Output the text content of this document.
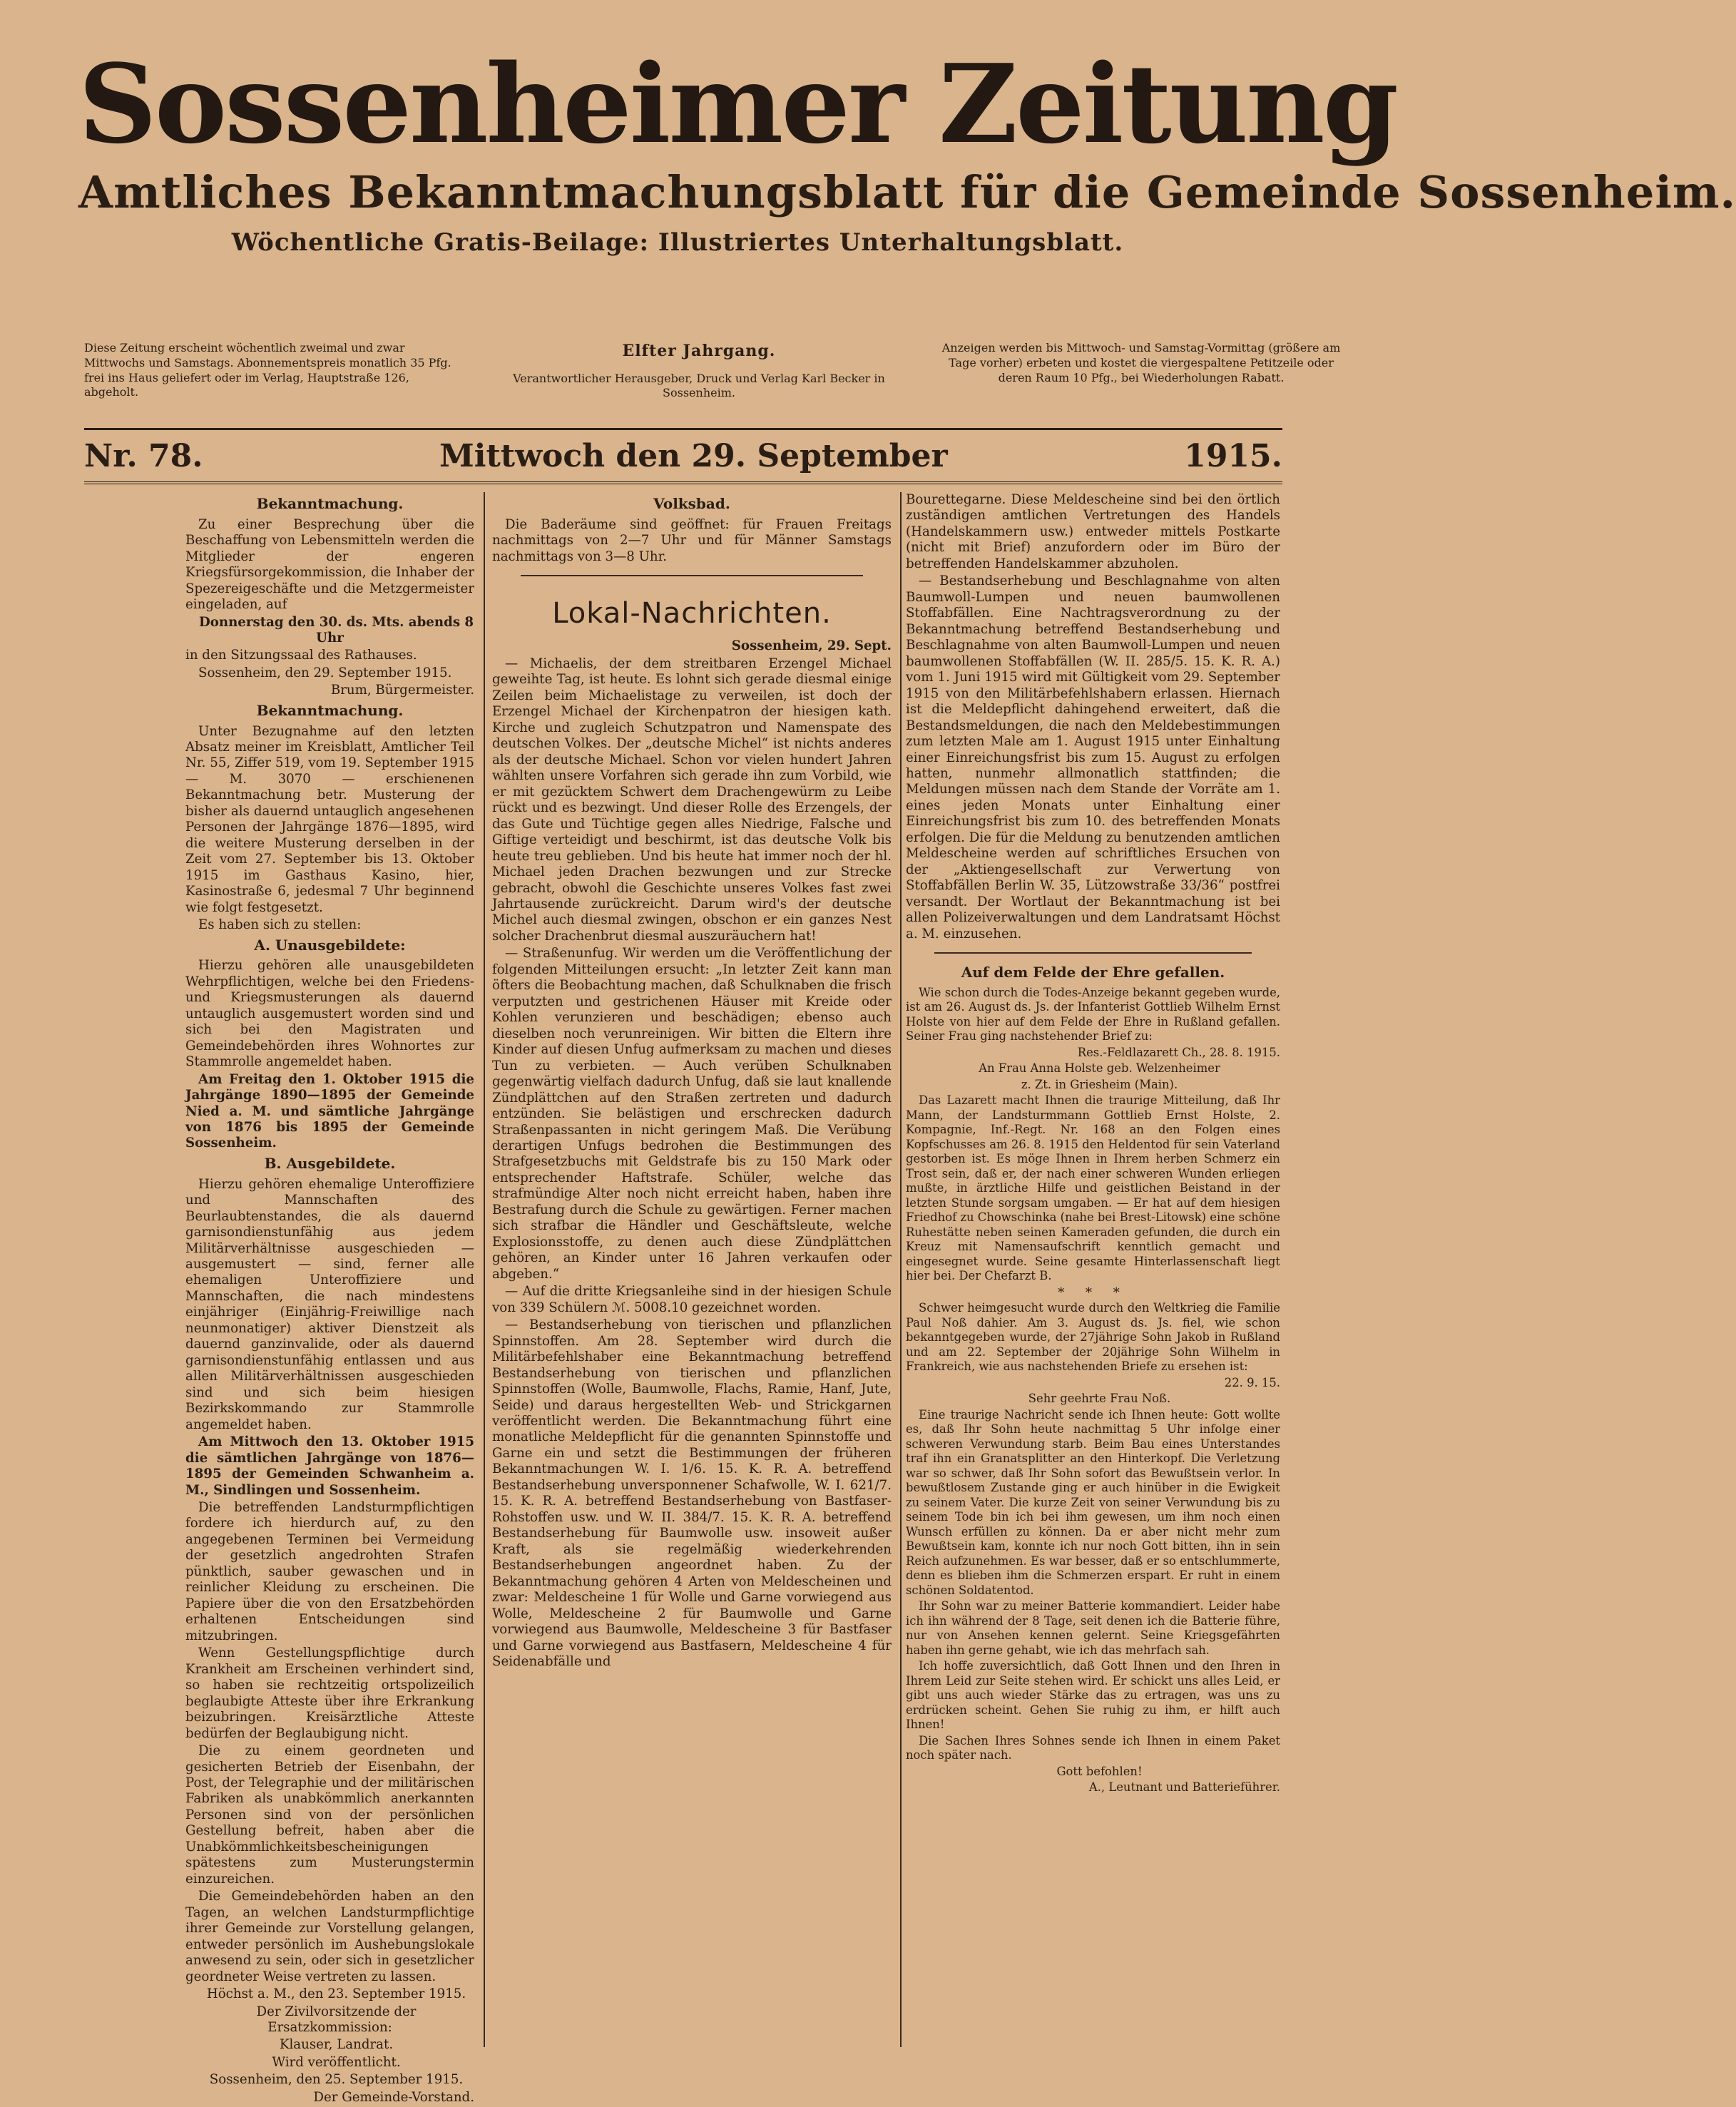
Sossenheimer Zeitung
Amtliches Bekanntmachungsblatt für die Gemeinde Sossenheim.
Wöchentliche Gratis-Beilage: Illustriertes Unterhaltungsblatt.
Diese Zeitung erscheint wöchentlich zweimal und zwar Mittwochs und Samstags. Abonnementspreis monatlich 35 Pfg. frei ins Haus geliefert oder im Verlag, Hauptstraße 126, abgeholt.
Elfter Jahrgang.
Verantwortlicher Herausgeber, Druck und Verlag Karl Becker in Sossenheim.
Anzeigen werden bis Mittwoch- und Samstag-Vormittag (größere am Tage vorher) erbeten und kostet die viergespaltene Petitzeile oder deren Raum 10 Pfg., bei Wiederholungen Rabatt.
Nr. 78.	Mittwoch den 29. September	1915.
Bekanntmachung.

Zu einer Besprechung über die Beschaffung von Lebensmitteln werden die Mitglieder der engeren Kriegsfürsorgekommission, die Inhaber der Spezereigeschäfte und die Metzgermeister eingeladen, auf

Donnerstag den 30. ds. Mts. abends 8 Uhr

in den Sitzungssaal des Rathauses.

Sossenheim, den 29. September 1915.

Brum, Bürgermeister.

Bekanntmachung.

Unter Bezugnahme auf den letzten Absatz meiner im Kreisblatt, Amtlicher Teil Nr. 55, Ziffer 519, vom 19. September 1915 — M. 3070 — erschienenen Bekanntmachung betr. Musterung der bisher als dauernd untauglich angesehenen Personen der Jahrgänge 1876—1895, wird die weitere Musterung derselben in der Zeit vom 27. September bis 13. Oktober 1915 im Gasthaus Kasino, hier, Kasinostraße 6, jedesmal 7 Uhr beginnend wie folgt festgesetzt.

Es haben sich zu stellen:

A. Unausgebildete:

Hierzu gehören alle unausgebildeten Wehrpflichtigen, welche bei den Friedens- und Kriegsmusterungen als dauernd untauglich ausgemustert worden sind und sich bei den Magistraten und Gemeindebehörden ihres Wohnortes zur Stammrolle angemeldet haben.

Am Freitag den 1. Oktober 1915 die Jahrgänge 1890—1895 der Gemeinde Nied a. M. und sämtliche Jahrgänge von 1876 bis 1895 der Gemeinde Sossenheim.

B. Ausgebildete.

Hierzu gehören ehemalige Unteroffiziere und Mannschaften des Beurlaubtenstandes, die als dauernd garnisondienstunfähig aus jedem Militärverhältnisse ausgeschieden — ausgemustert — sind, ferner alle ehemaligen Unteroffiziere und Mannschaften, die nach mindestens einjähriger (Einjährig-Freiwillige nach neunmonatiger) aktiver Dienstzeit als dauernd ganzinvalide, oder als dauernd garnisondienstunfähig entlassen und aus allen Militärverhältnissen ausgeschieden sind und sich beim hiesigen Bezirkskommando zur Stammrolle angemeldet haben.

Am Mittwoch den 13. Oktober 1915 die sämtlichen Jahrgänge von 1876—1895 der Gemeinden Schwanheim a. M., Sindlingen und Sossenheim.

Die betreffenden Landsturmpflichtigen fordere ich hierdurch auf, zu den angegebenen Terminen bei Vermeidung der gesetzlich angedrohten Strafen pünktlich, sauber gewaschen und in reinlicher Kleidung zu erscheinen. Die Papiere über die von den Ersatzbehörden erhaltenen Entscheidungen sind mitzubringen.

Wenn Gestellungspflichtige durch Krankheit am Erscheinen verhindert sind, so haben sie rechtzeitig ortspolizeilich beglaubigte Atteste über ihre Erkrankung beizubringen. Kreisärztliche Atteste bedürfen der Beglaubigung nicht.

Die zu einem geordneten und gesicherten Betrieb der Eisenbahn, der Post, der Telegraphie und der militärischen Fabriken als unabkömmlich anerkannten Personen sind von der persönlichen Gestellung befreit, haben aber die Unabkömmlichkeitsbescheinigungen spätestens zum Musterungstermin einzureichen.

Die Gemeindebehörden haben an den Tagen, an welchen Landsturmpflichtige ihrer Gemeinde zur Vorstellung gelangen, entweder persönlich im Aushebungslokale anwesend zu sein, oder sich in gesetzlicher geordneter Weise vertreten zu lassen.

Höchst a. M., den 23. September 1915.

Der Zivilvorsitzende der Ersatzkommission:

Klauser, Landrat.

Wird veröffentlicht.

Sossenheim, den 25. September 1915.

Der Gemeinde-Vorstand.

Volksbad.

Die Baderäume sind geöffnet: für Frauen Freitags nachmittags von 2—7 Uhr und für Männer Samstags nachmittags von 3—8 Uhr.

Lokal-Nachrichten.

Sossenheim, 29. Sept.

— Michaelis, der dem streitbaren Erzengel Michael geweihte Tag, ist heute. Es lohnt sich gerade diesmal einige Zeilen beim Michaelistage zu verweilen, ist doch der Erzengel Michael der Kirchenpatron der hiesigen kath. Kirche und zugleich Schutzpatron und Namenspate des deutschen Volkes. Der „deutsche Michel“ ist nichts anderes als der deutsche Michael. Schon vor vielen hundert Jahren wählten unsere Vorfahren sich gerade ihn zum Vorbild, wie er mit gezücktem Schwert dem Drachengewürm zu Leibe rückt und es bezwingt. Und dieser Rolle des Erzengels, der das Gute und Tüchtige gegen alles Niedrige, Falsche und Giftige verteidigt und beschirmt, ist das deutsche Volk bis heute treu geblieben. Und bis heute hat immer noch der hl. Michael jeden Drachen bezwungen und zur Strecke gebracht, obwohl die Geschichte unseres Volkes fast zwei Jahrtausende zurückreicht. Darum wird's der deutsche Michel auch diesmal zwingen, obschon er ein ganzes Nest solcher Drachenbrut diesmal auszuräuchern hat!

— Straßenunfug. Wir werden um die Veröffentlichung der folgenden Mitteilungen ersucht: „In letzter Zeit kann man öfters die Beobachtung machen, daß Schulknaben die frisch verputzten und gestrichenen Häuser mit Kreide oder Kohlen verunzieren und beschädigen; ebenso auch dieselben noch verunreinigen. Wir bitten die Eltern ihre Kinder auf diesen Unfug aufmerksam zu machen und dieses Tun zu verbieten. — Auch verüben Schulknaben gegenwärtig vielfach dadurch Unfug, daß sie laut knallende Zündplättchen auf den Straßen zertreten und dadurch entzünden. Sie belästigen und erschrecken dadurch Straßenpassanten in nicht geringem Maß. Die Verübung derartigen Unfugs bedrohen die Bestimmungen des Strafgesetzbuchs mit Geldstrafe bis zu 150 Mark oder entsprechender Haftstrafe. Schüler, welche das strafmündige Alter noch nicht erreicht haben, haben ihre Bestrafung durch die Schule zu gewärtigen. Ferner machen sich strafbar die Händler und Geschäftsleute, welche Explosionsstoffe, zu denen auch diese Zündplättchen gehören, an Kinder unter 16 Jahren verkaufen oder abgeben.“

— Auf die dritte Kriegsanleihe sind in der hiesigen Schule von 339 Schülern ℳ. 5008.10 gezeichnet worden.

— Bestandserhebung von tierischen und pflanzlichen Spinnstoffen. Am 28. September wird durch die Militärbefehlshaber eine Bekanntmachung betreffend Bestandserhebung von tierischen und pflanzlichen Spinnstoffen (Wolle, Baumwolle, Flachs, Ramie, Hanf, Jute, Seide) und daraus hergestellten Web- und Strickgarnen veröffentlicht werden. Die Bekanntmachung führt eine monatliche Meldepflicht für die genannten Spinnstoffe und Garne ein und setzt die Bestimmungen der früheren Bekanntmachungen W. I. 1/6. 15. K. R. A. betreffend Bestandserhebung unversponnener Schafwolle, W. I. 621/7. 15. K. R. A. betreffend Bestandserhebung von Bastfaser-Rohstoffen usw. und W. II. 384/7. 15. K. R. A. betreffend Bestandserhebung für Baumwolle usw. insoweit außer Kraft, als sie regelmäßig wiederkehrenden Bestandserhebungen angeordnet haben. Zu der Bekanntmachung gehören 4 Arten von Meldescheinen und zwar: Meldescheine 1 für Wolle und Garne vorwiegend aus Wolle, Meldescheine 2 für Baumwolle und Garne vorwiegend aus Baumwolle, Meldescheine 3 für Bastfaser und Garne vorwiegend aus Bastfasern, Meldescheine 4 für Seidenabfälle und

Bourettegarne. Diese Meldescheine sind bei den örtlich zuständigen amtlichen Vertretungen des Handels (Handelskammern usw.) entweder mittels Postkarte (nicht mit Brief) anzufordern oder im Büro der betreffenden Handelskammer abzuholen.

— Bestandserhebung und Beschlagnahme von alten Baumwoll-Lumpen und neuen baumwollenen Stoffabfällen. Eine Nachtragsverordnung zu der Bekanntmachung betreffend Bestandserhebung und Beschlagnahme von alten Baumwoll-Lumpen und neuen baumwollenen Stoffabfällen (W. II. 285/5. 15. K. R. A.) vom 1. Juni 1915 wird mit Gültigkeit vom 29. September 1915 von den Militärbefehlshabern erlassen. Hiernach ist die Meldepflicht dahingehend erweitert, daß die Bestandsmeldungen, die nach den Meldebestimmungen zum letzten Male am 1. August 1915 unter Einhaltung einer Einreichungsfrist bis zum 15. August zu erfolgen hatten, nunmehr allmonatlich stattfinden; die Meldungen müssen nach dem Stande der Vorräte am 1. eines jeden Monats unter Einhaltung einer Einreichungsfrist bis zum 10. des betreffenden Monats erfolgen. Die für die Meldung zu benutzenden amtlichen Meldescheine werden auf schriftliches Ersuchen von der „Aktiengesellschaft zur Verwertung von Stoffabfällen Berlin W. 35, Lützowstraße 33/36“ postfrei versandt. Der Wortlaut der Bekanntmachung ist bei allen Polizeiverwaltungen und dem Landratsamt Höchst a. M. einzusehen.

Auf dem Felde der Ehre gefallen.

Wie schon durch die Todes-Anzeige bekannt gegeben wurde, ist am 26. August ds. Js. der Infanterist Gottlieb Wilhelm Ernst Holste von hier auf dem Felde der Ehre in Rußland gefallen. Seiner Frau ging nachstehender Brief zu:

Res.-Feldlazarett Ch., 28. 8. 1915.

An Frau Anna Holste geb. Welzenheimer

z. Zt. in Griesheim (Main).

Das Lazarett macht Ihnen die traurige Mitteilung, daß Ihr Mann, der Landsturmmann Gottlieb Ernst Holste, 2. Kompagnie, Inf.-Regt. Nr. 168 an den Folgen eines Kopfschusses am 26. 8. 1915 den Heldentod für sein Vaterland gestorben ist. Es möge Ihnen in Ihrem herben Schmerz ein Trost sein, daß er, der nach einer schweren Wunden erliegen mußte, in ärztliche Hilfe und geistlichen Beistand in der letzten Stunde sorgsam umgaben. — Er hat auf dem hiesigen Friedhof zu Chowschinka (nahe bei Brest-Litowsk) eine schöne Ruhestätte neben seinen Kameraden gefunden, die durch ein Kreuz mit Namensaufschrift kenntlich gemacht und eingesegnet wurde. Seine gesamte Hinterlassenschaft liegt hier bei. Der Chefarzt B.

* * *

Schwer heimgesucht wurde durch den Weltkrieg die Familie Paul Noß dahier. Am 3. August ds. Js. fiel, wie schon bekanntgegeben wurde, der 27jährige Sohn Jakob in Rußland und am 22. September der 20jährige Sohn Wilhelm in Frankreich, wie aus nachstehenden Briefe zu ersehen ist:

22. 9. 15.

Sehr geehrte Frau Noß.

Eine traurige Nachricht sende ich Ihnen heute: Gott wollte es, daß Ihr Sohn heute nachmittag 5 Uhr infolge einer schweren Verwundung starb. Beim Bau eines Unterstandes traf ihn ein Granatsplitter an den Hinterkopf. Die Verletzung war so schwer, daß Ihr Sohn sofort das Bewußtsein verlor. In bewußtlosem Zustande ging er auch hinüber in die Ewigkeit zu seinem Vater. Die kurze Zeit von seiner Verwundung bis zu seinem Tode bin ich bei ihm gewesen, um ihm noch einen Wunsch erfüllen zu können. Da er aber nicht mehr zum Bewußtsein kam, konnte ich nur noch Gott bitten, ihn in sein Reich aufzunehmen. Es war besser, daß er so entschlummerte, denn es blieben ihm die Schmerzen erspart. Er ruht in einem schönen Soldatentod.

Ihr Sohn war zu meiner Batterie kommandiert. Leider habe ich ihn während der 8 Tage, seit denen ich die Batterie führe, nur von Ansehen kennen gelernt. Seine Kriegsgefährten haben ihn gerne gehabt, wie ich das mehrfach sah.

Ich hoffe zuversichtlich, daß Gott Ihnen und den Ihren in Ihrem Leid zur Seite stehen wird. Er schickt uns alles Leid, er gibt uns auch wieder Stärke das zu ertragen, was uns zu erdrücken scheint. Gehen Sie ruhig zu ihm, er hilft auch Ihnen!

Die Sachen Ihres Sohnes sende ich Ihnen in einem Paket noch später nach.

Gott befohlen!

A., Leutnant und Batterieführer.
